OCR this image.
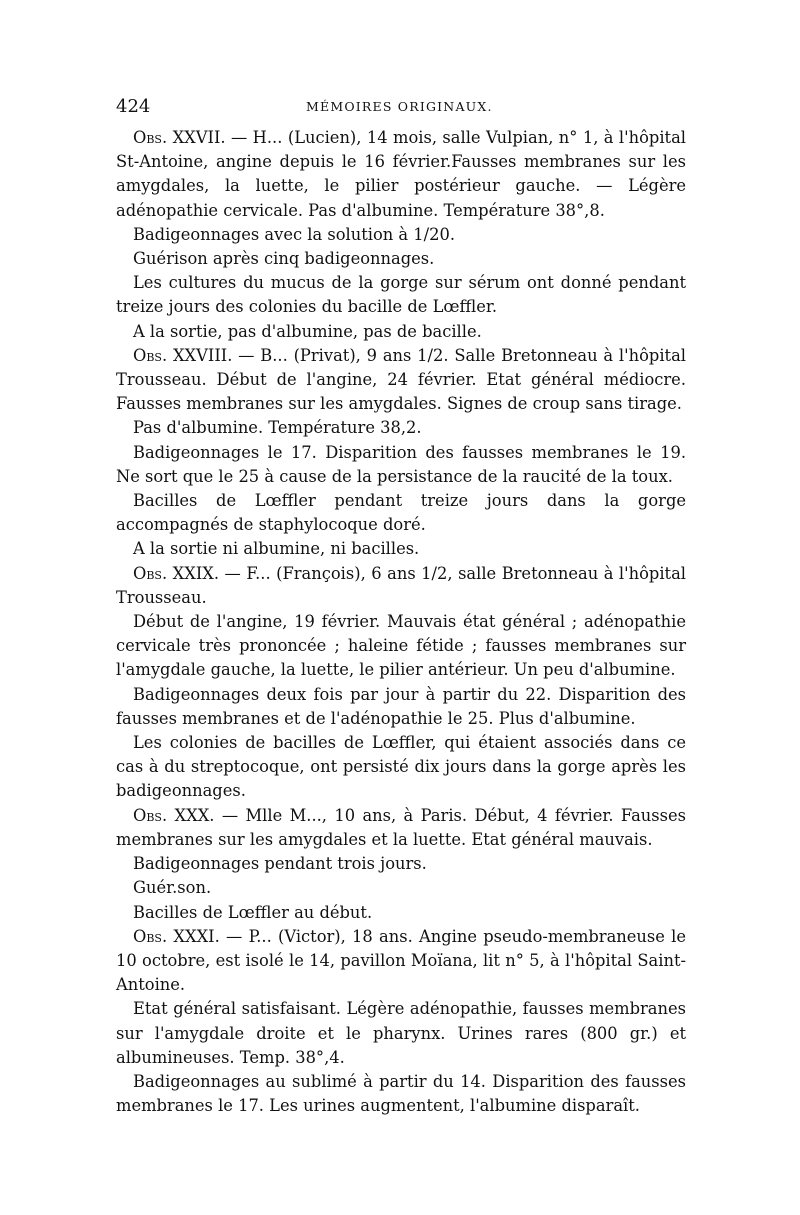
424	MÉMOIRES ORIGINAUX.

Obs. XXVII. — H... (Lucien), 14 mois, salle Vulpian, n° 1, à l'hôpital St-Antoine, angine depuis le 16 février.Fausses membranes sur les amygdales, la luette, le pilier postérieur gauche. — Légère adénopathie cervicale. Pas d'albumine. Température 38°,8.

Badigeonnages avec la solution à 1/20.

Guérison après cinq badigeonnages.

Les cultures du mucus de la gorge sur sérum ont donné pendant treize jours des colonies du bacille de Lœffler.

A la sortie, pas d'albumine, pas de bacille.

Obs. XXVIII. — B... (Privat), 9 ans 1/2. Salle Bretonneau à l'hôpital Trousseau. Début de l'angine, 24 février. Etat général médiocre. Fausses membranes sur les amygdales. Signes de croup sans tirage.

Pas d'albumine. Température 38,2.

Badigeonnages le 17. Disparition des fausses membranes le 19. Ne sort que le 25 à cause de la persistance de la raucité de la toux.

Bacilles de Lœffler pendant treize jours dans la gorge accompagnés de staphylocoque doré.

A la sortie ni albumine, ni bacilles.

Obs. XXIX. — F... (François), 6 ans 1/2, salle Bretonneau à l'hôpital Trousseau.

Début de l'angine, 19 février. Mauvais état général ; adénopathie cervicale très prononcée ; haleine fétide ; fausses membranes sur l'amygdale gauche, la luette, le pilier antérieur. Un peu d'albumine.

Badigeonnages deux fois par jour à partir du 22. Disparition des fausses membranes et de l'adénopathie le 25. Plus d'albumine.

Les colonies de bacilles de Lœffler, qui étaient associés dans ce cas à du streptocoque, ont persisté dix jours dans la gorge après les badigeonnages.

Obs. XXX. — Mlle M..., 10 ans, à Paris. Début, 4 février. Fausses membranes sur les amygdales et la luette. Etat général mauvais.

Badigeonnages pendant trois jours.

Guér.son.

Bacilles de Lœffler au début.

Obs. XXXI. — P... (Victor), 18 ans. Angine pseudo-membraneuse le 10 octobre, est isolé le 14, pavillon Moïana, lit n° 5, à l'hôpital Saint-Antoine.

Etat général satisfaisant. Légère adénopathie, fausses membranes sur l'amygdale droite et le pharynx. Urines rares (800 gr.) et albumineuses. Temp. 38°,4.

Badigeonnages au sublimé à partir du 14. Disparition des fausses membranes le 17. Les urines augmentent, l'albumine disparaît.
